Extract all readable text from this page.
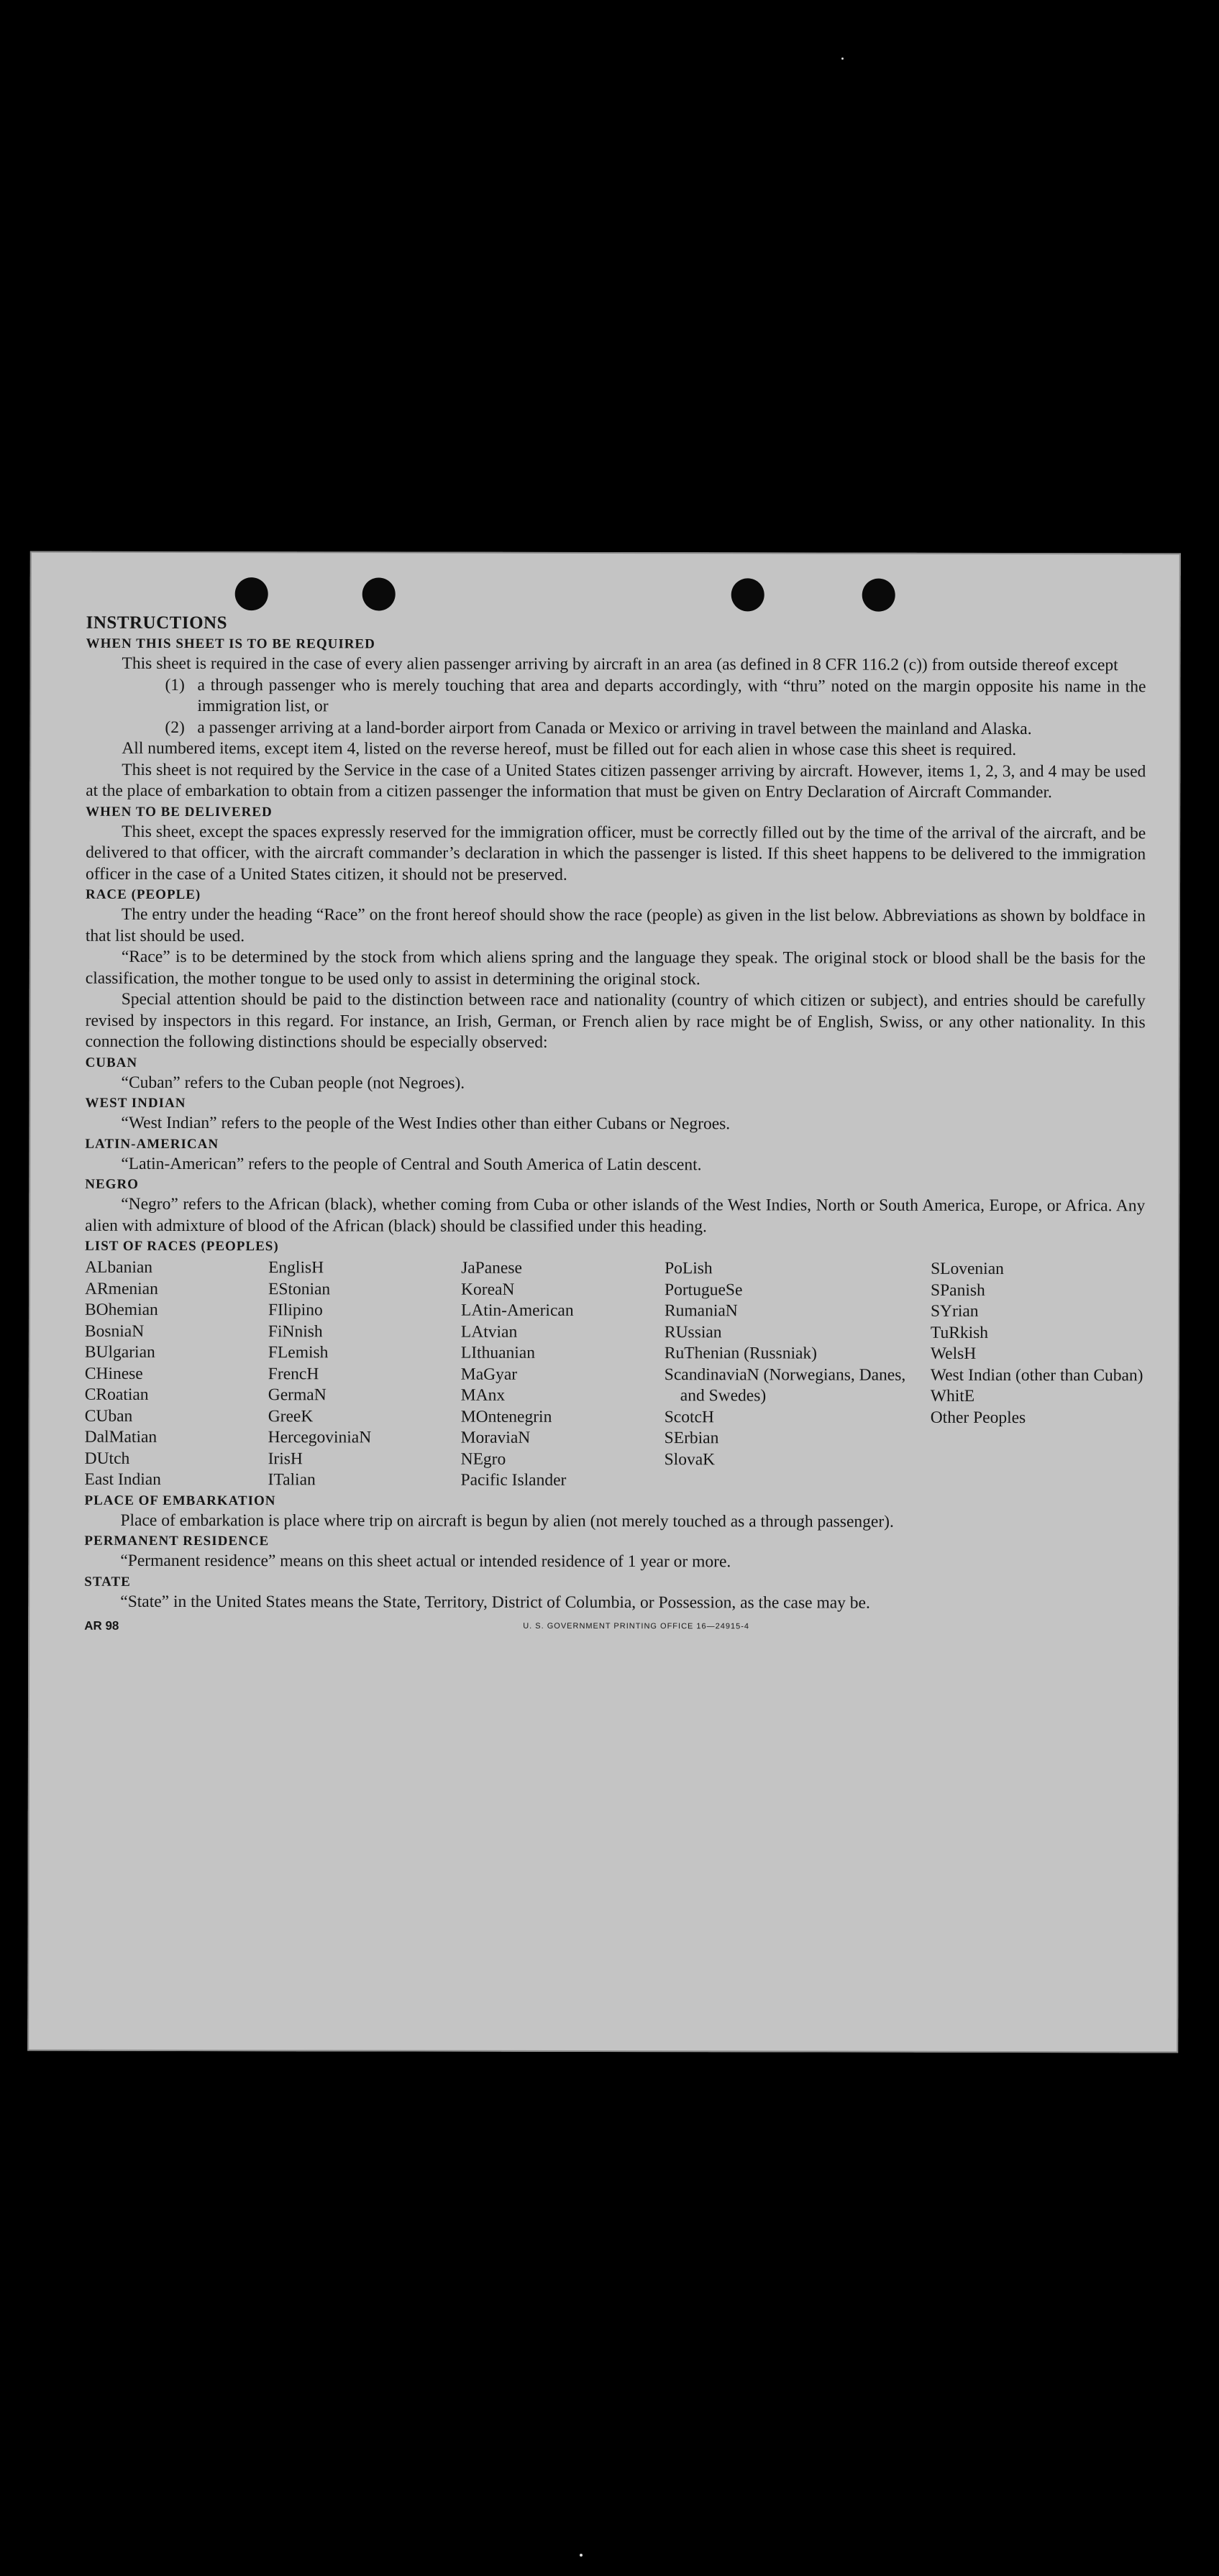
INSTRUCTIONS

WHEN THIS SHEET IS TO BE REQUIRED

This sheet is required in the case of every alien passenger arriving by aircraft in an area (as defined in 8 CFR 116.2 (c)) from outside thereof except

(1) a through passenger who is merely touching that area and departs accordingly, with “thru” noted on the margin opposite his name in the immigration list, or
(2) a passenger arriving at a land-border airport from Canada or Mexico or arriving in travel between the mainland and Alaska.

All numbered items, except item 4, listed on the reverse hereof, must be filled out for each alien in whose case this sheet is required.

This sheet is not required by the Service in the case of a United States citizen passenger arriving by aircraft. However, items 1, 2, 3, and 4 may be used at the place of embarkation to obtain from a citizen passenger the information that must be given on Entry Declaration of Aircraft Commander.

WHEN TO BE DELIVERED

This sheet, except the spaces expressly reserved for the immigration officer, must be correctly filled out by the time of the arrival of the aircraft, and be delivered to that officer, with the aircraft commander’s declaration in which the passenger is listed. If this sheet happens to be delivered to the immigration officer in the case of a United States citizen, it should not be preserved.

RACE (PEOPLE)

The entry under the heading “Race” on the front hereof should show the race (people) as given in the list below. Abbreviations as shown by boldface in that list should be used.

“Race” is to be determined by the stock from which aliens spring and the language they speak. The original stock or blood shall be the basis for the classification, the mother tongue to be used only to assist in determining the original stock.

Special attention should be paid to the distinction between race and nationality (country of which citizen or subject), and entries should be carefully revised by inspectors in this regard. For instance, an Irish, German, or French alien by race might be of English, Swiss, or any other nationality. In this connection the following distinctions should be especially observed:

CUBAN

“Cuban” refers to the Cuban people (not Negroes).

WEST INDIAN

“West Indian” refers to the people of the West Indies other than either Cubans or Negroes.

LATIN-AMERICAN

“Latin-American” refers to the people of Central and South America of Latin descent.

NEGRO

“Negro” refers to the African (black), whether coming from Cuba or other islands of the West Indies, North or South America, Europe, or Africa. Any alien with admixture of blood of the African (black) should be classified under this heading.

LIST OF RACES (PEOPLES)

ALbanian
ARmenian
BOhemian
BosniaN
BUlgarian
CHinese
CRoatian
CUban
DalMatian
DUtch
East Indian
EnglisH
EStonian
FIlipino
FiNnish
FLemish
FrencH
GermaN
GreeK
HercegoviniaN
IrisH
ITalian
JaPanese
KoreaN
LAtin-American
LAtvian
LIthuanian
MaGyar
MAnx
MOntenegrin
MoraviaN
NEgro
Pacific Islander
PoLish
PortugueSe
RumaniaN
RUssian
RuThenian (Russniak)
ScandinaviaN (Norwegians, Danes, and Swedes)
ScotcH
SErbian
SlovaK
SLovenian
SPanish
SYrian
TuRkish
WelsH
West Indian (other than Cuban)
WhitE
Other Peoples

PLACE OF EMBARKATION

Place of embarkation is place where trip on aircraft is begun by alien (not merely touched as a through passenger).

PERMANENT RESIDENCE

“Permanent residence” means on this sheet actual or intended residence of 1 year or more.

STATE

“State” in the United States means the State, Territory, District of Columbia, or Possession, as the case may be.

U. S. GOVERNMENT PRINTING OFFICE 16—24915-4
AR 98
